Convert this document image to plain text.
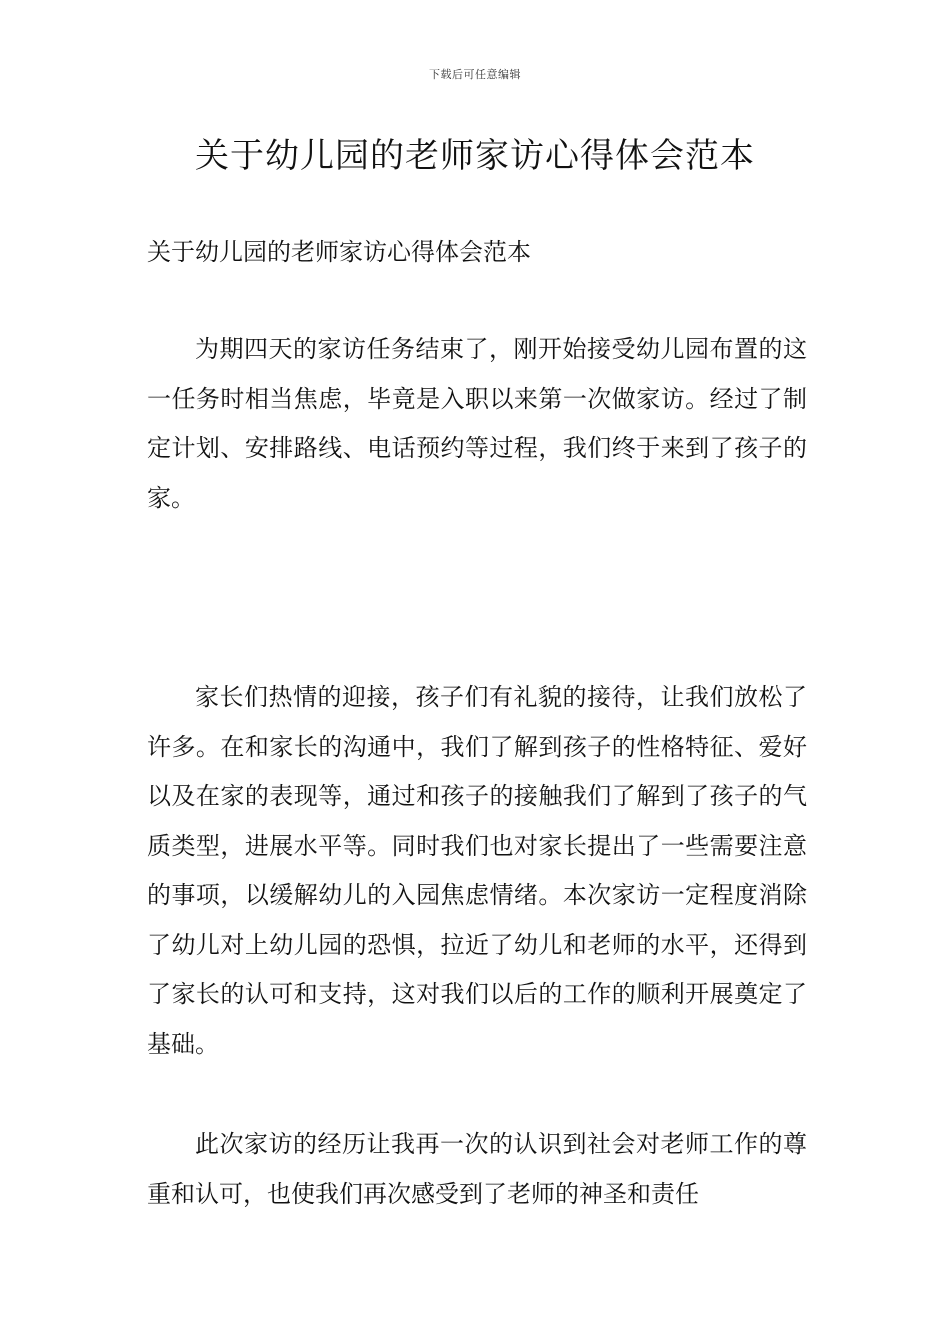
下载后可任意编辑
关于幼儿园的老师家访心得体会范本

关于幼儿园的老师家访心得体会范本

为期四天的家访任务结束了，刚开始接受幼儿园布置的这一任务时相当焦虑，毕竟是入职以来第一次做家访。经过了制定计划、安排路线、电话预约等过程，我们终于来到了孩子的家。

家长们热情的迎接，孩子们有礼貌的接待，让我们放松了许多。在和家长的沟通中，我们了解到孩子的性格特征、爱好以及在家的表现等，通过和孩子的接触我们了解到了孩子的气质类型，进展水平等。同时我们也对家长提出了一些需要注意的事项，以缓解幼儿的入园焦虑情绪。本次家访一定程度消除了幼儿对上幼儿园的恐惧，拉近了幼儿和老师的水平，还得到了家长的认可和支持，这对我们以后的工作的顺利开展奠定了基础。

此次家访的经历让我再一次的认识到社会对老师工作的尊重和认可，也使我们再次感受到了老师的神圣和责任
